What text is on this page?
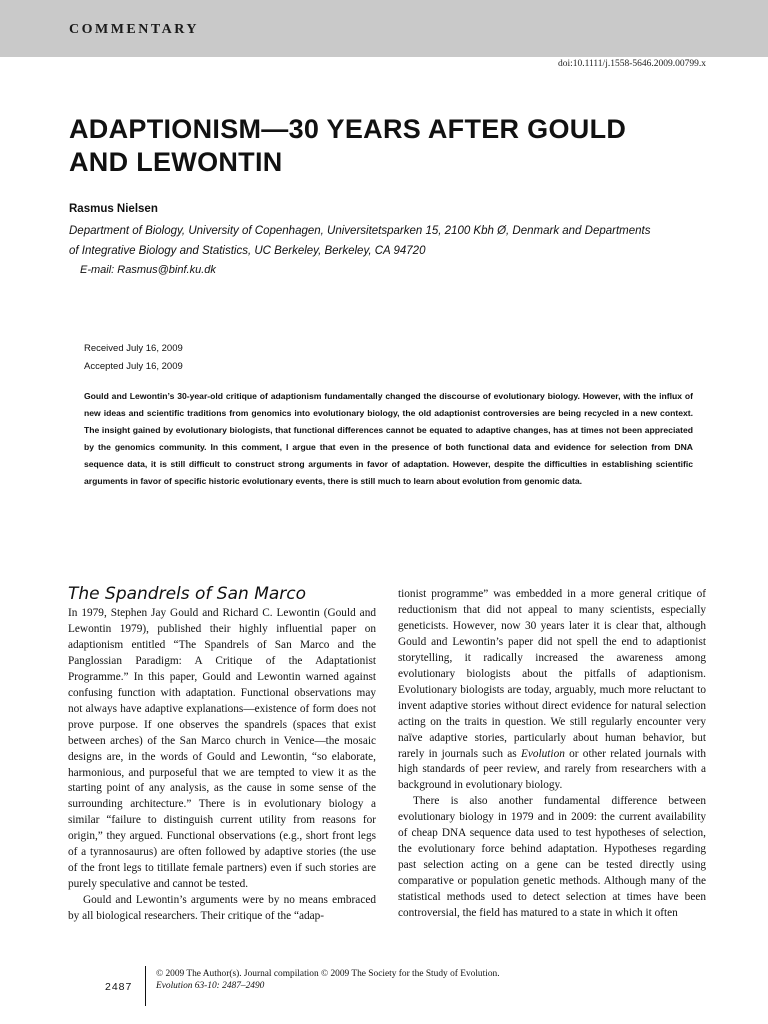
COMMENTARY
doi:10.1111/j.1558-5646.2009.00799.x
ADAPTIONISM—30 YEARS AFTER GOULD
AND LEWONTIN
Rasmus Nielsen
Department of Biology, University of Copenhagen, Universitetsparken 15, 2100 Kbh Ø, Denmark and Departments
of Integrative Biology and Statistics, UC Berkeley, Berkeley, CA 94720
E-mail: Rasmus@binf.ku.dk
Received July 16, 2009
Accepted July 16, 2009

Gould and Lewontin’s 30-year-old critique of adaptionism fundamentally changed the discourse of evolutionary biology. However, with the influx of new ideas and scientific traditions from genomics into evolutionary biology, the old adaptionist controversies are being recycled in a new context. The insight gained by evolutionary biologists, that functional differences cannot be equated to adaptive changes, has at times not been appreciated by the genomics community. In this comment, I argue that even in the presence of both functional data and evidence for selection from DNA sequence data, it is still difficult to construct strong arguments in favor of adaptation. However, despite the difficulties in establishing scientific arguments in favor of specific historic evolutionary events, there is still much to learn about evolution from genomic data.

The Spandrels of San Marco

In 1979, Stephen Jay Gould and Richard C. Lewontin (Gould and Lewontin 1979), published their highly influential paper on adaptionism entitled “The Spandrels of San Marco and the Panglossian Paradigm: A Critique of the Adaptationist Programme.” In this paper, Gould and Lewontin warned against confusing function with adaptation. Functional observations may not always have adaptive explanations—existence of form does not prove purpose. If one observes the spandrels (spaces that exist between arches) of the San Marco church in Venice—the mosaic designs are, in the words of Gould and Lewontin, “so elaborate, harmonious, and purposeful that we are tempted to view it as the starting point of any analysis, as the cause in some sense of the surrounding architecture.” There is in evolutionary biology a similar “failure to distinguish current utility from reasons for origin,” they argued. Functional observations (e.g., short front legs of a tyrannosaurus) are often followed by adaptive stories (the use of the front legs to titillate female partners) even if such stories are purely speculative and cannot be tested.

Gould and Lewontin’s arguments were by no means embraced by all biological researchers. Their critique of the “adap-

tionist programme” was embedded in a more general critique of reductionism that did not appeal to many scientists, especially geneticists. However, now 30 years later it is clear that, although Gould and Lewontin’s paper did not spell the end to adaptionist storytelling, it radically increased the awareness among evolutionary biologists about the pitfalls of adaptionism. Evolutionary biologists are today, arguably, much more reluctant to invent adaptive stories without direct evidence for natural selection acting on the traits in question. We still regularly encounter very naïve adaptive stories, particularly about human behavior, but rarely in journals such as Evolution or other related journals with high standards of peer review, and rarely from researchers with a background in evolutionary biology.

There is also another fundamental difference between evolutionary biology in 1979 and in 2009: the current availability of cheap DNA sequence data used to test hypotheses of selection, the evolutionary force behind adaptation. Hypotheses regarding past selection acting on a gene can be tested directly using comparative or population genetic methods. Although many of the statistical methods used to detect selection at times have been controversial, the field has matured to a state in which it often

2487
© 2009 The Author(s). Journal compilation © 2009 The Society for the Study of Evolution.
Evolution 63-10: 2487–2490
